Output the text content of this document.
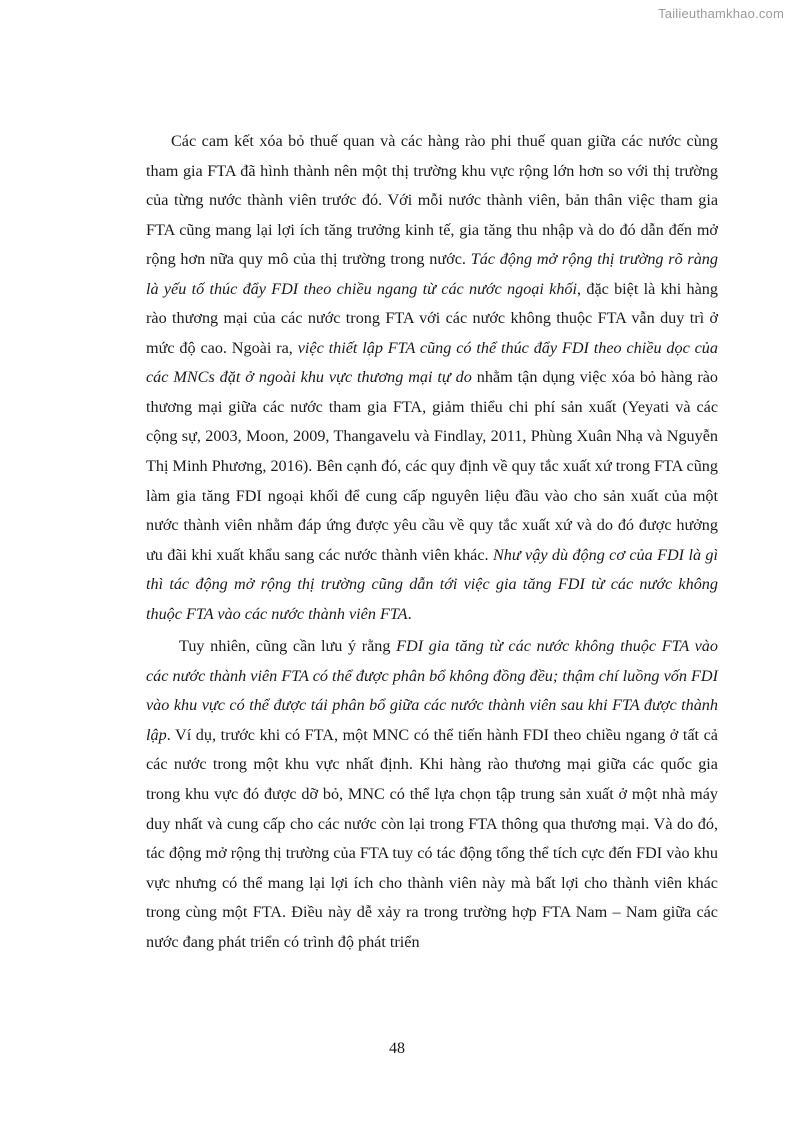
Tailieuthamkhao.com

Các cam kết xóa bỏ thuế quan và các hàng rào phi thuế quan giữa các nước cùng tham gia FTA đã hình thành nên một thị trường khu vực rộng lớn hơn so với thị trường của từng nước thành viên trước đó. Với mỗi nước thành viên, bản thân việc tham gia FTA cũng mang lại lợi ích tăng trưởng kinh tế, gia tăng thu nhập và do đó dẫn đến mở rộng hơn nữa quy mô của thị trường trong nước. Tác động mở rộng thị trường rõ ràng là yếu tố thúc đẩy FDI theo chiều ngang từ các nước ngoại khối, đặc biệt là khi hàng rào thương mại của các nước trong FTA với các nước không thuộc FTA vẫn duy trì ở mức độ cao. Ngoài ra, việc thiết lập FTA cũng có thể thúc đẩy FDI theo chiều dọc của các MNCs đặt ở ngoài khu vực thương mại tự do nhằm tận dụng việc xóa bỏ hàng rào thương mại giữa các nước tham gia FTA, giảm thiểu chi phí sản xuất (Yeyati và các cộng sự, 2003, Moon, 2009, Thangavelu và Findlay, 2011, Phùng Xuân Nhạ và Nguyễn Thị Minh Phương, 2016). Bên cạnh đó, các quy định về quy tắc xuất xứ trong FTA cũng làm gia tăng FDI ngoại khối để cung cấp nguyên liệu đầu vào cho sản xuất của một nước thành viên nhằm đáp ứng được yêu cầu về quy tắc xuất xứ và do đó được hưởng ưu đãi khi xuất khẩu sang các nước thành viên khác. Như vậy dù động cơ của FDI là gì thì tác động mở rộng thị trường cũng dẫn tới việc gia tăng FDI từ các nước không thuộc FTA vào các nước thành viên FTA.

Tuy nhiên, cũng cần lưu ý rằng FDI gia tăng từ các nước không thuộc FTA vào các nước thành viên FTA có thể được phân bổ không đồng đều; thậm chí luồng vốn FDI vào khu vực có thể được tái phân bổ giữa các nước thành viên sau khi FTA được thành lập. Ví dụ, trước khi có FTA, một MNC có thể tiến hành FDI theo chiều ngang ở tất cả các nước trong một khu vực nhất định. Khi hàng rào thương mại giữa các quốc gia trong khu vực đó được dỡ bỏ, MNC có thể lựa chọn tập trung sản xuất ở một nhà máy duy nhất và cung cấp cho các nước còn lại trong FTA thông qua thương mại. Và do đó, tác động mở rộng thị trường của FTA tuy có tác động tổng thể tích cực đến FDI vào khu vực nhưng có thể mang lại lợi ích cho thành viên này mà bất lợi cho thành viên khác trong cùng một FTA. Điều này dễ xảy ra trong trường hợp FTA Nam – Nam giữa các nước đang phát triển có trình độ phát triển

48
